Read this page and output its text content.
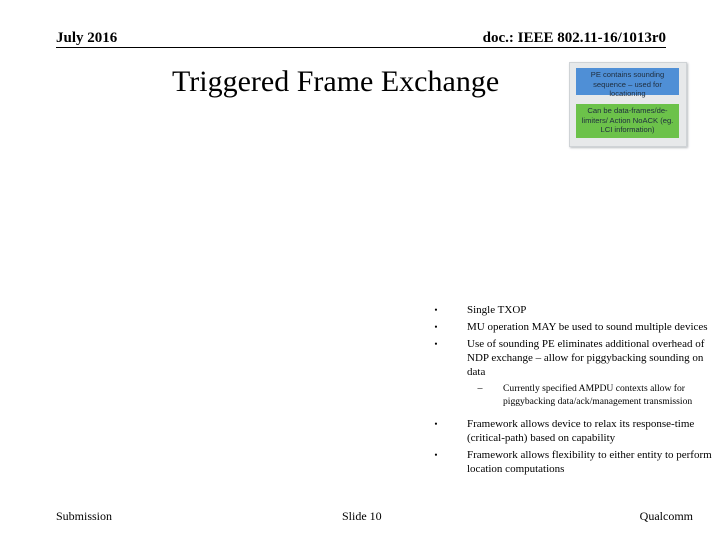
July 2016	doc.: IEEE 802.11-16/1013r0
Triggered Frame Exchange	PE contains sounding sequence – used for locationing
Can be data-frames/de-limiters/ Action NoACK (eg. LCI information)
•	Single TXOP
•	MU operation MAY be used to sound multiple devices
•	Use of sounding PE eliminates additional overhead of NDP exchange – allow for piggybacking sounding on data
–	Currently specified AMPDU contexts allow for piggybacking data/ack/management transmission
•	Framework allows device to relax its response-time (critical-path) based on capability
•	Framework allows flexibility to either entity to perform location computations
Submission	Slide 10	Qualcomm
